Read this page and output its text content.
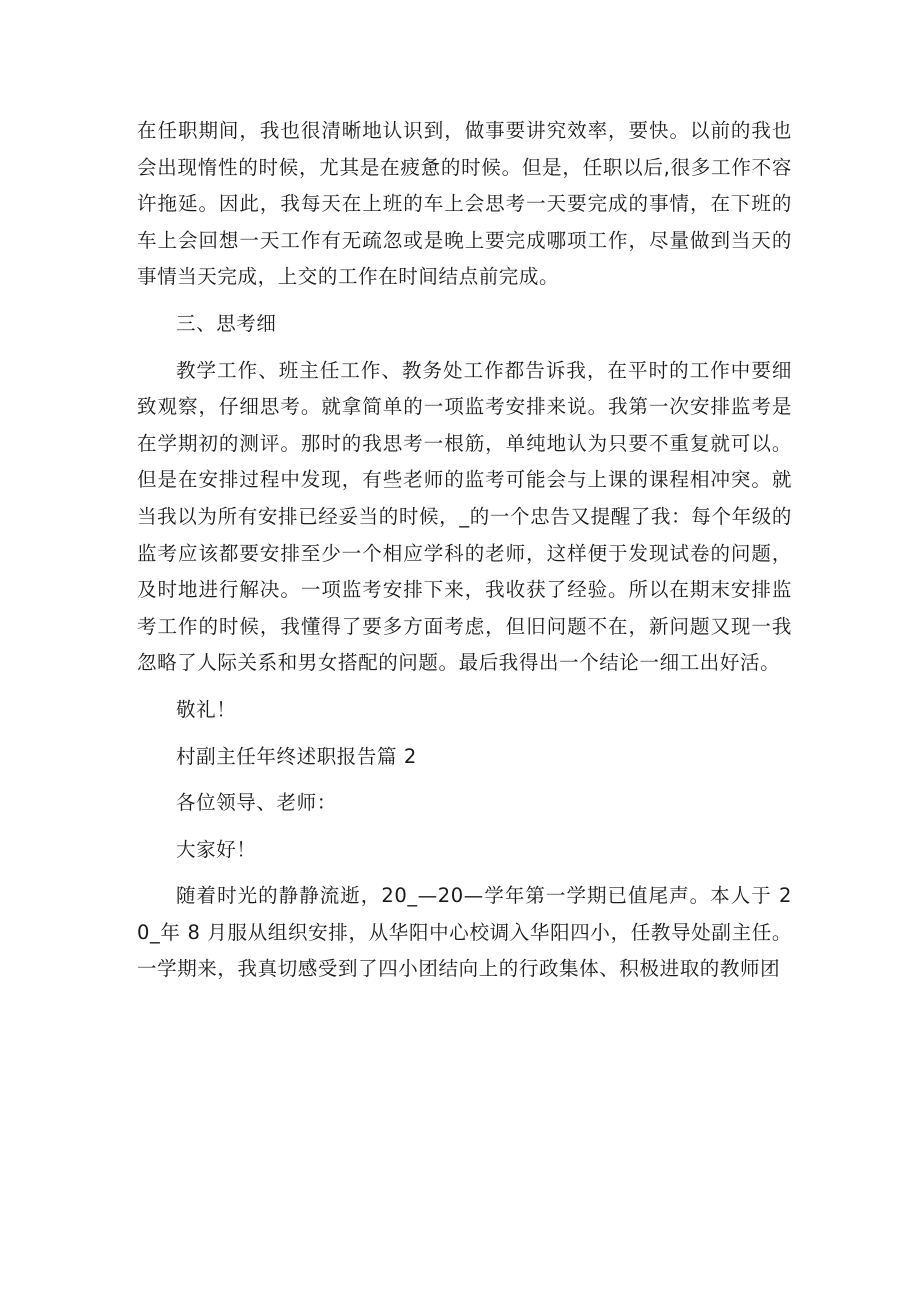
在任职期间，我也很清晰地认识到，做事要讲究效率，要快。以前的我也会出现惰性的时候，尤其是在疲惫的时候。但是，任职以后,很多工作不容许拖延。因此，我每天在上班的车上会思考一天要完成的事情，在下班的车上会回想一天工作有无疏忽或是晚上要完成哪项工作，尽量做到当天的事情当天完成，上交的工作在时间结点前完成。

三、思考细

教学工作、班主任工作、教务处工作都告诉我，在平时的工作中要细致观察，仔细思考。就拿简单的一项监考安排来说。我第一次安排监考是在学期初的测评。那时的我思考一根筋，单纯地认为只要不重复就可以。但是在安排过程中发现，有些老师的监考可能会与上课的课程相冲突。就当我以为所有安排已经妥当的时候，_的一个忠告又提醒了我：每个年级的监考应该都要安排至少一个相应学科的老师，这样便于发现试卷的问题，及时地进行解决。一项监考安排下来，我收获了经验。所以在期末安排监考工作的时候，我懂得了要多方面考虑，但旧问题不在，新问题又现一我忽略了人际关系和男女搭配的问题。最后我得出一个结论一细工出好活。

敬礼！

村副主任年终述职报告篇 2

各位领导、老师：

大家好！

随着时光的静静流逝，20_—20—学年第一学期已值尾声。本人于 20_年 8 月服从组织安排，从华阳中心校调入华阳四小，任教导处副主任。一学期来，我真切感受到了四小团结向上的行政集体、积极进取的教师团
